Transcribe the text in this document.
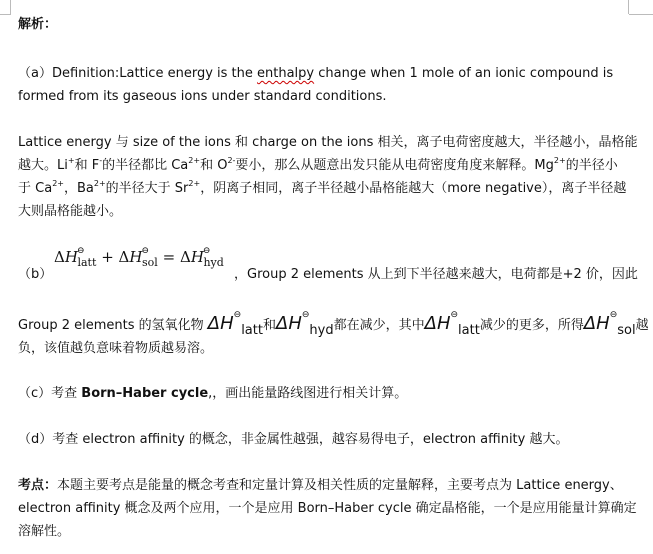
解析：
（a）Definition:Lattice energy is the enthalpy change when 1 mole of an ionic compound is
formed from its gaseous ions under standard conditions.
Lattice energy 与 size of the ions 和 charge on the ions 相关，离子电荷密度越大，半径越小，晶格能
越大。Li+和 F-的半径都比 $Ca^{2+}$和 $O^{2-}$要小，那么从题意出发只能从电荷密度角度来解释。$Mg^{2+}$的半径小
于 $Ca^{2+}$，$Ba^{2+}$的半径大于 $Sr^{2+}$，阴离子相同，离子半径越小晶格能越大（more negative），离子半径越
大则晶格能越小。
$\Delta H^⊖_{latt} + \Delta H^⊖_{sol} = \Delta H^⊖_{hyd}$
（b）	，Group 2 elements 从上到下半径越来越大，电荷都是+2 价，因此
Group 2 elements 的氢氧化物 $\Delta H^⊖_{latt}$和$\Delta H^⊖_{hyd}$都在减少，其中$\Delta H^⊖_{latt}$减少的更多，所得$\Delta H^⊖_{sol}$越
负，该值越负意味着物质越易溶。
（c）考查 Born–Haber cycle,，画出能量路线图进行相关计算。
（d）考查 electron affinity 的概念，非金属性越强，越容易得电子，electron affinity 越大。
考点：本题主要考点是能量的概念考查和定量计算及相关性质的定量解释，主要考点为 Lattice energy、
electron affinity 概念及两个应用，一个是应用 Born–Haber cycle 确定晶格能，一个是应用能量计算确定
溶解性。
